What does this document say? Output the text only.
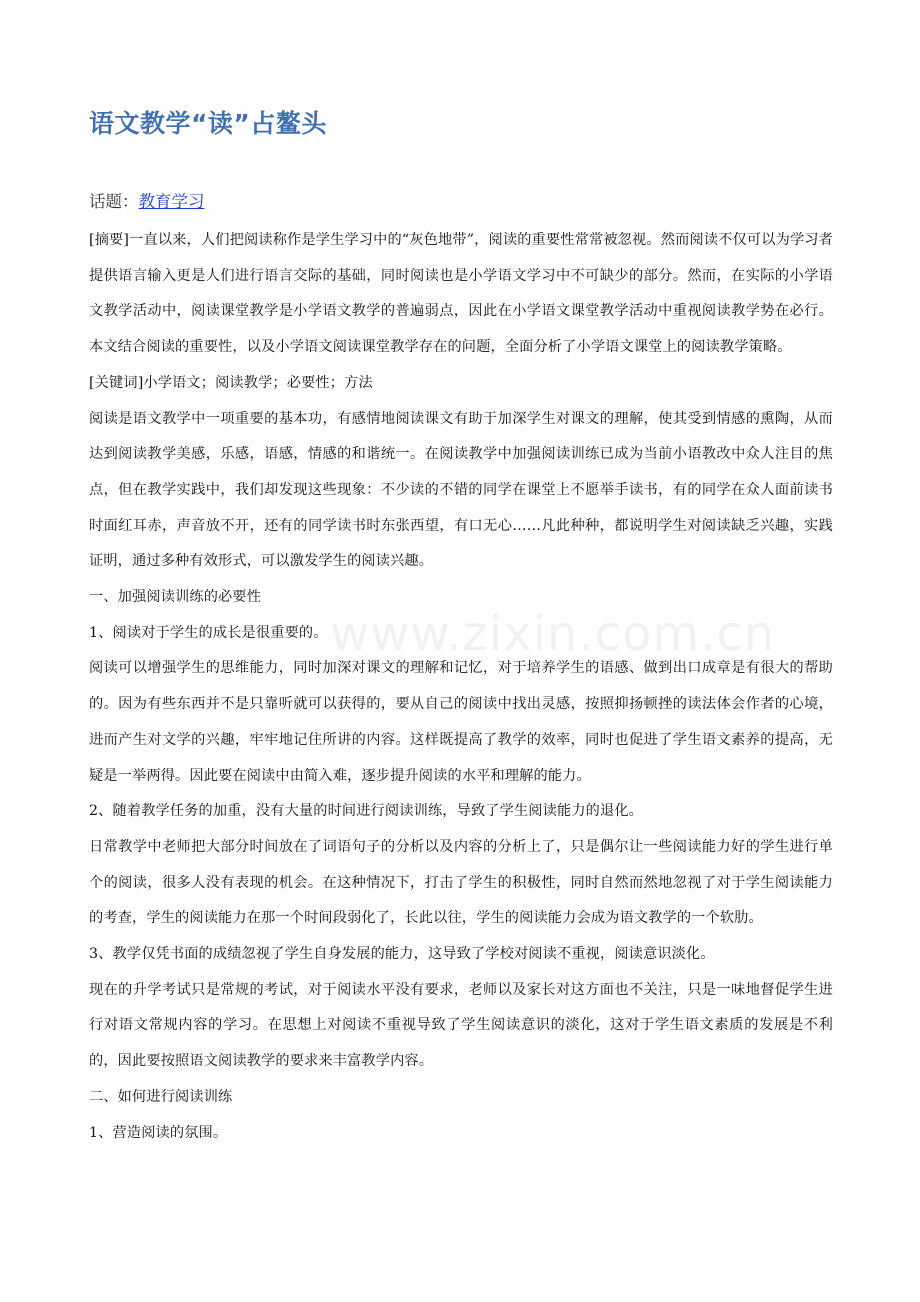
语文教学“读”占鳌头
话题：教育学习

[摘要]一直以来，人们把阅读称作是学生学习中的“灰色地带”，阅读的重要性常常被忽视。然而阅读不仅可以为学习者提供语言输入更是人们进行语言交际的基础，同时阅读也是小学语文学习中不可缺少的部分。然而，在实际的小学语文教学活动中，阅读课堂教学是小学语文教学的普遍弱点，因此在小学语文课堂教学活动中重视阅读教学势在必行。本文结合阅读的重要性，以及小学语文阅读课堂教学存在的问题，全面分析了小学语文课堂上的阅读教学策略。

[关键词]小学语文；阅读教学；必要性；方法

阅读是语文教学中一项重要的基本功，有感情地阅读课文有助于加深学生对课文的理解，使其受到情感的熏陶，从而达到阅读教学美感，乐感，语感，情感的和谐统一。在阅读教学中加强阅读训练已成为当前小语教改中众人注目的焦点，但在教学实践中，我们却发现这些现象：不少读的不错的同学在课堂上不愿举手读书，有的同学在众人面前读书时面红耳赤，声音放不开，还有的同学读书时东张西望，有口无心……凡此种种，都说明学生对阅读缺乏兴趣，实践证明，通过多种有效形式，可以激发学生的阅读兴趣。

一、加强阅读训练的必要性

1、阅读对于学生的成长是很重要的。

阅读可以增强学生的思维能力，同时加深对课文的理解和记忆，对于培养学生的语感、做到出口成章是有很大的帮助的。因为有些东西并不是只靠听就可以获得的，要从自己的阅读中找出灵感，按照抑扬顿挫的读法体会作者的心境，进而产生对文学的兴趣，牢牢地记住所讲的内容。这样既提高了教学的效率，同时也促进了学生语文素养的提高，无疑是一举两得。因此要在阅读中由简入难，逐步提升阅读的水平和理解的能力。

2、随着教学任务的加重，没有大量的时间进行阅读训练，导致了学生阅读能力的退化。

日常教学中老师把大部分时间放在了词语句子的分析以及内容的分析上了，只是偶尔让一些阅读能力好的学生进行单个的阅读，很多人没有表现的机会。在这种情况下，打击了学生的积极性，同时自然而然地忽视了对于学生阅读能力的考查，学生的阅读能力在那一个时间段弱化了，长此以往，学生的阅读能力会成为语文教学的一个软肋。

3、教学仅凭书面的成绩忽视了学生自身发展的能力，这导致了学校对阅读不重视，阅读意识淡化。

现在的升学考试只是常规的考试，对于阅读水平没有要求，老师以及家长对这方面也不关注，只是一味地督促学生进行对语文常规内容的学习。在思想上对阅读不重视导致了学生阅读意识的淡化，这对于学生语文素质的发展是不利的，因此要按照语文阅读教学的要求来丰富教学内容。

二、如何进行阅读训练

1、营造阅读的氛围。

www.zixin.com.cn
